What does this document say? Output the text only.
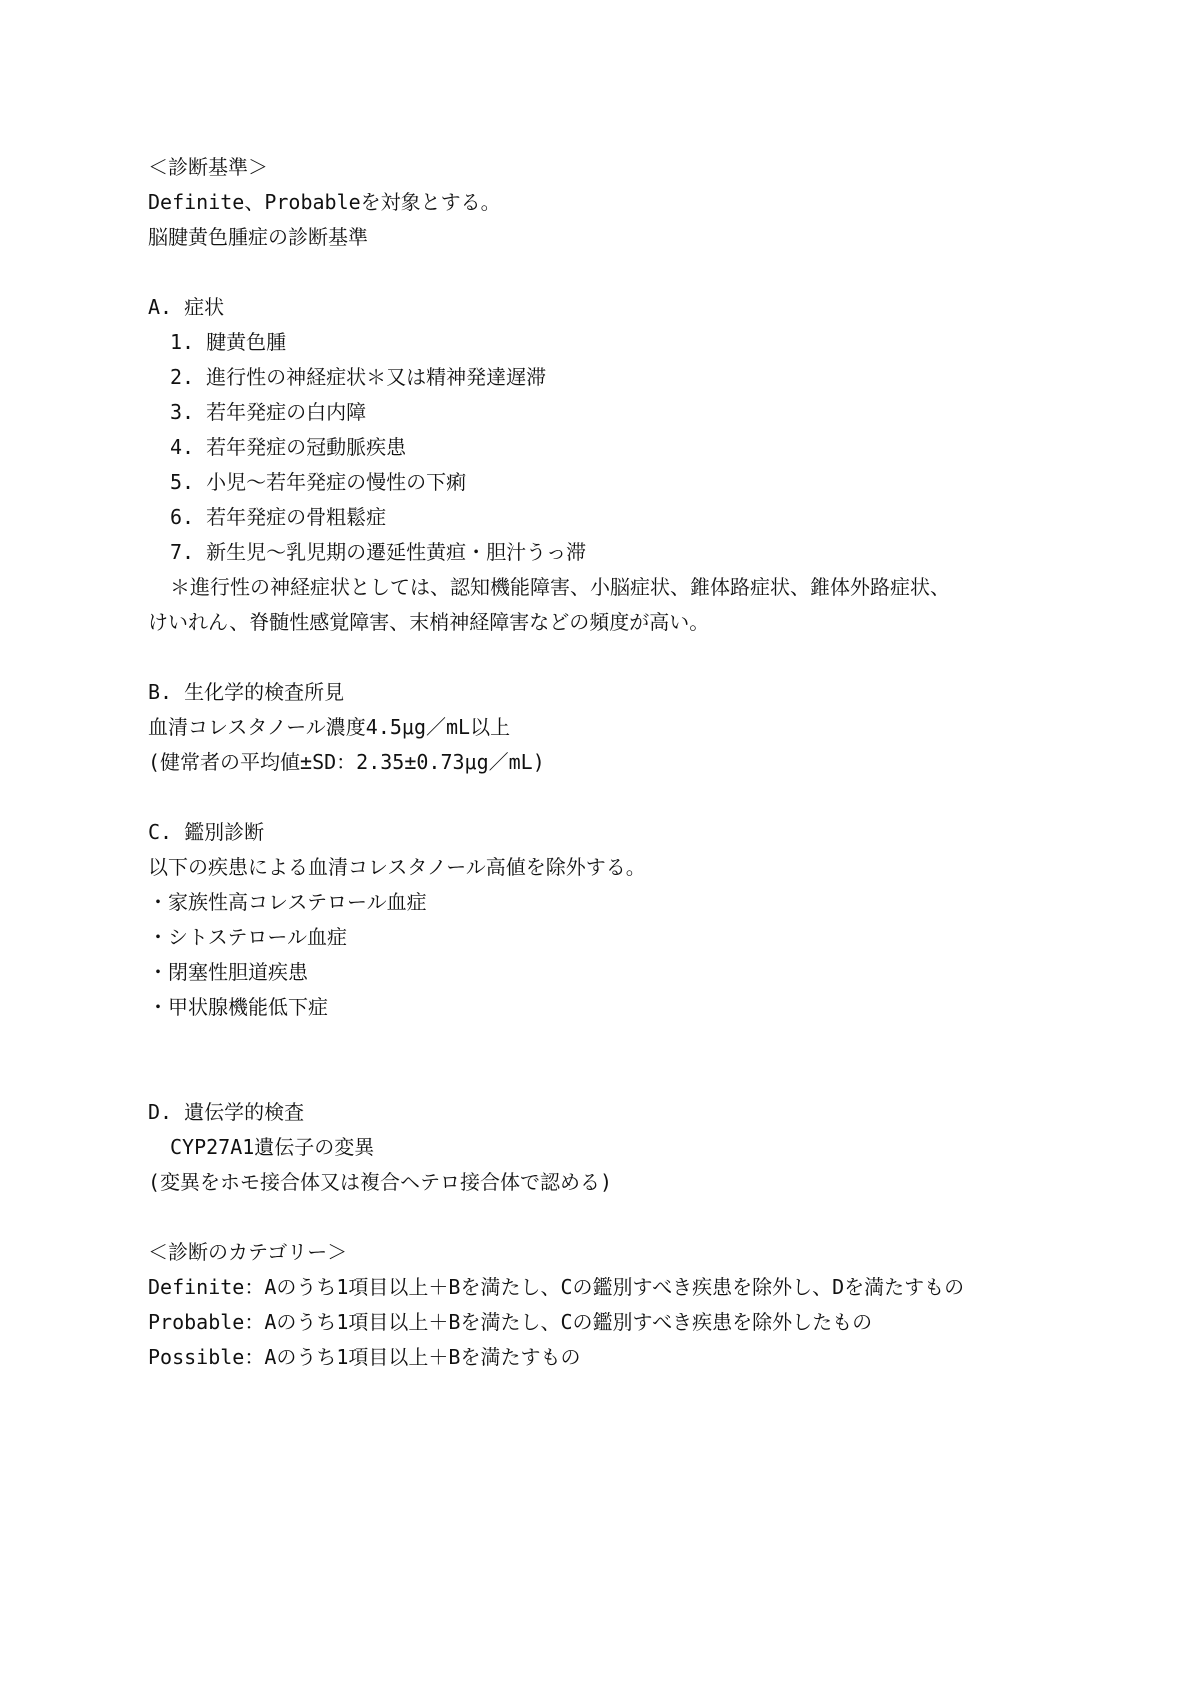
＜診断基準＞
Definite、Probableを対象とする。
脳腱黄色腫症の診断基準
A. 症状
1. 腱黄色腫
2. 進行性の神経症状＊又は精神発達遅滞
3. 若年発症の白内障
4. 若年発症の冠動脈疾患
5. 小児～若年発症の慢性の下痢
6. 若年発症の骨粗鬆症
7. 新生児～乳児期の遷延性黄疸・胆汁うっ滞
＊進行性の神経症状としては、認知機能障害、小脳症状、錐体路症状、錐体外路症状、
けいれん、脊髄性感覚障害、末梢神経障害などの頻度が高い。
B. 生化学的検査所見
血清コレスタノール濃度4.5μg／mL以上
(健常者の平均値±SD：2.35±0.73μg／mL)
C. 鑑別診断
以下の疾患による血清コレスタノール高値を除外する。
・家族性高コレステロール血症
・シトステロール血症
・閉塞性胆道疾患
・甲状腺機能低下症
D. 遺伝学的検査
CYP27A1遺伝子の変異
(変異をホモ接合体又は複合ヘテロ接合体で認める)
＜診断のカテゴリー＞
Definite：Aのうち1項目以上＋Bを満たし、Cの鑑別すべき疾患を除外し、Dを満たすもの
Probable：Aのうち1項目以上＋Bを満たし、Cの鑑別すべき疾患を除外したもの
Possible：Aのうち1項目以上＋Bを満たすもの
